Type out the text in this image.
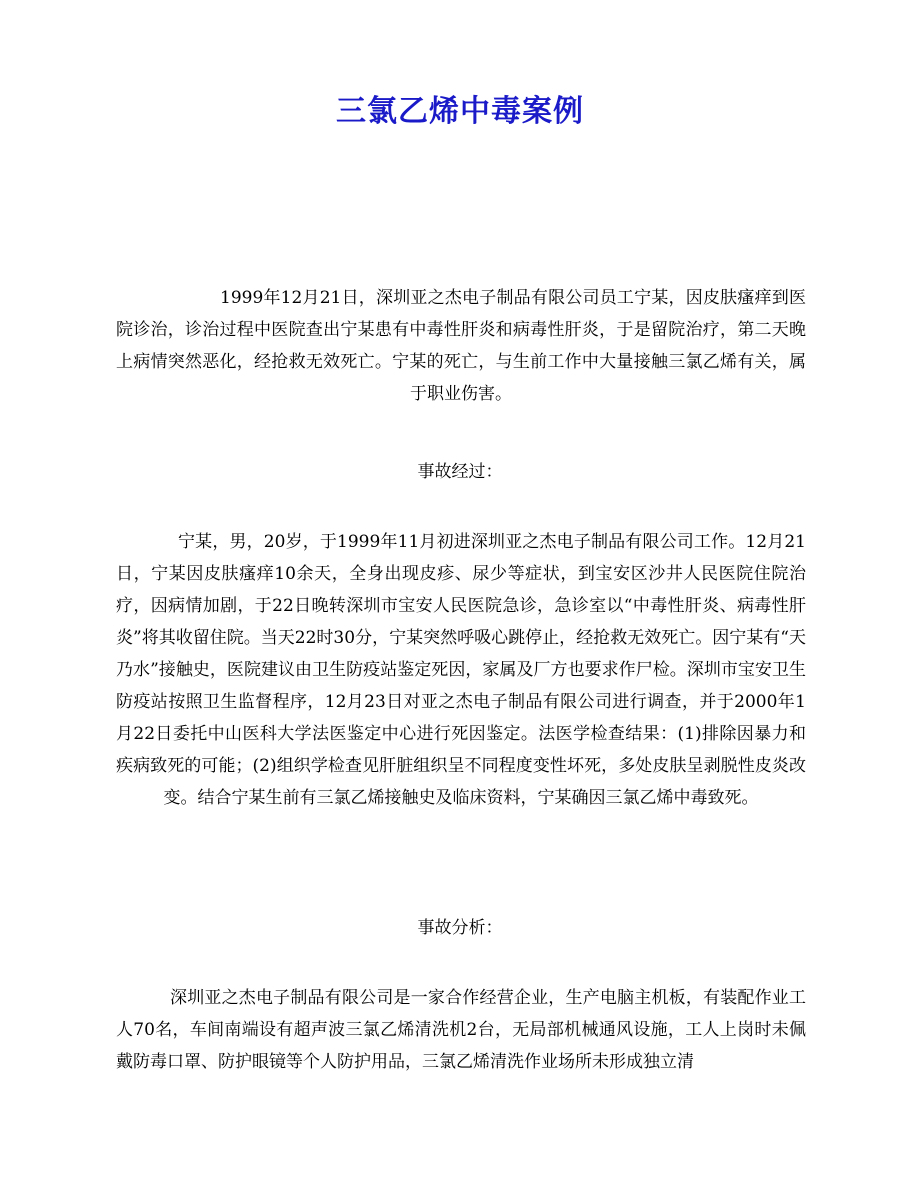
三氯乙烯中毒案例

1999年12月21日，深圳亚之杰电子制品有限公司员工宁某，因皮肤瘙痒到医院诊治，诊治过程中医院查出宁某患有中毒性肝炎和病毒性肝炎，于是留院治疗，第二天晚上病情突然恶化，经抢救无效死亡。宁某的死亡，与生前工作中大量接触三氯乙烯有关，属于职业伤害。

事故经过：

宁某，男，20岁，于1999年11月初进深圳亚之杰电子制品有限公司工作。12月21日，宁某因皮肤瘙痒10余天，全身出现皮疹、尿少等症状，到宝安区沙井人民医院住院治疗，因病情加剧，于22日晚转深圳市宝安人民医院急诊，急诊室以“中毒性肝炎、病毒性肝炎”将其收留住院。当天22时30分，宁某突然呼吸心跳停止，经抢救无效死亡。因宁某有“天乃水”接触史，医院建议由卫生防疫站鉴定死因，家属及厂方也要求作尸检。深圳市宝安卫生防疫站按照卫生监督程序，12月23日对亚之杰电子制品有限公司进行调查，并于2000年1月22日委托中山医科大学法医鉴定中心进行死因鉴定。法医学检查结果：(1)排除因暴力和疾病致死的可能；(2)组织学检查见肝脏组织呈不同程度变性坏死，多处皮肤呈剥脱性皮炎改变。结合宁某生前有三氯乙烯接触史及临床资料，宁某确因三氯乙烯中毒致死。

事故分析：

深圳亚之杰电子制品有限公司是一家合作经营企业，生产电脑主机板，有装配作业工人70名，车间南端设有超声波三氯乙烯清洗机2台，无局部机械通风设施，工人上岗时未佩戴防毒口罩、防护眼镜等个人防护用品，三氯乙烯清洗作业场所未形成独立清
